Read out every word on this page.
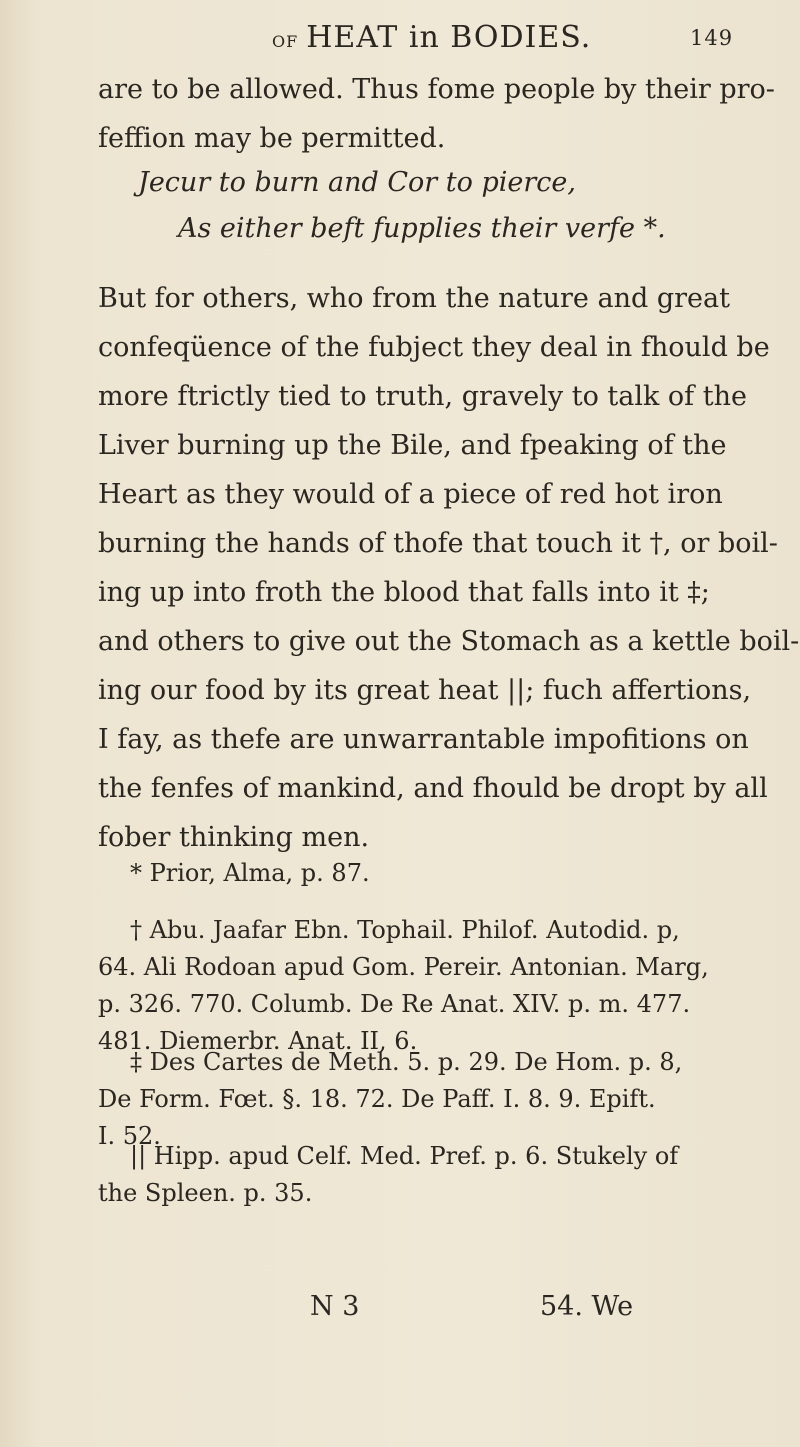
OF HEAT in BODIES.	149
are to be allowed. Thus fome people by their pro-
feffion may be permitted.
Jecur to burn and Cor to pierce,
As either beft fupplies their verfe *.
But for others, who from the nature and great
confeqüence of the fubject they deal in fhould be
more ftrictly tied to truth, gravely to talk of the
Liver burning up the Bile, and fpeaking of the
Heart as they would of a piece of red hot iron
burning the hands of thofe that touch it †, or boil-
ing up into froth the blood that falls into it ‡;
and others to give out the Stomach as a kettle boil-
ing our food by its great heat ||; fuch affertions,
I fay, as thefe are unwarrantable impofitions on
the fenfes of mankind, and fhould be dropt by all
fober thinking men.
* Prior, Alma, p. 87.
† Abu. Jaafar Ebn. Tophail. Philof. Autodid. p,
64. Ali Rodoan apud Gom. Pereir. Antonian. Marg,
p. 326. 770. Columb. De Re Anat. XIV. p. m. 477.
481. Diemerbr. Anat. II, 6.
‡ Des Cartes de Meth. 5. p. 29. De Hom. p. 8,
De Form. Fœt. §. 18. 72. De Paff. I. 8. 9. Epift.
I. 52.
|| Hipp. apud Celf. Med. Pref. p. 6. Stukely of
the Spleen. p. 35.
N 3	54. We
